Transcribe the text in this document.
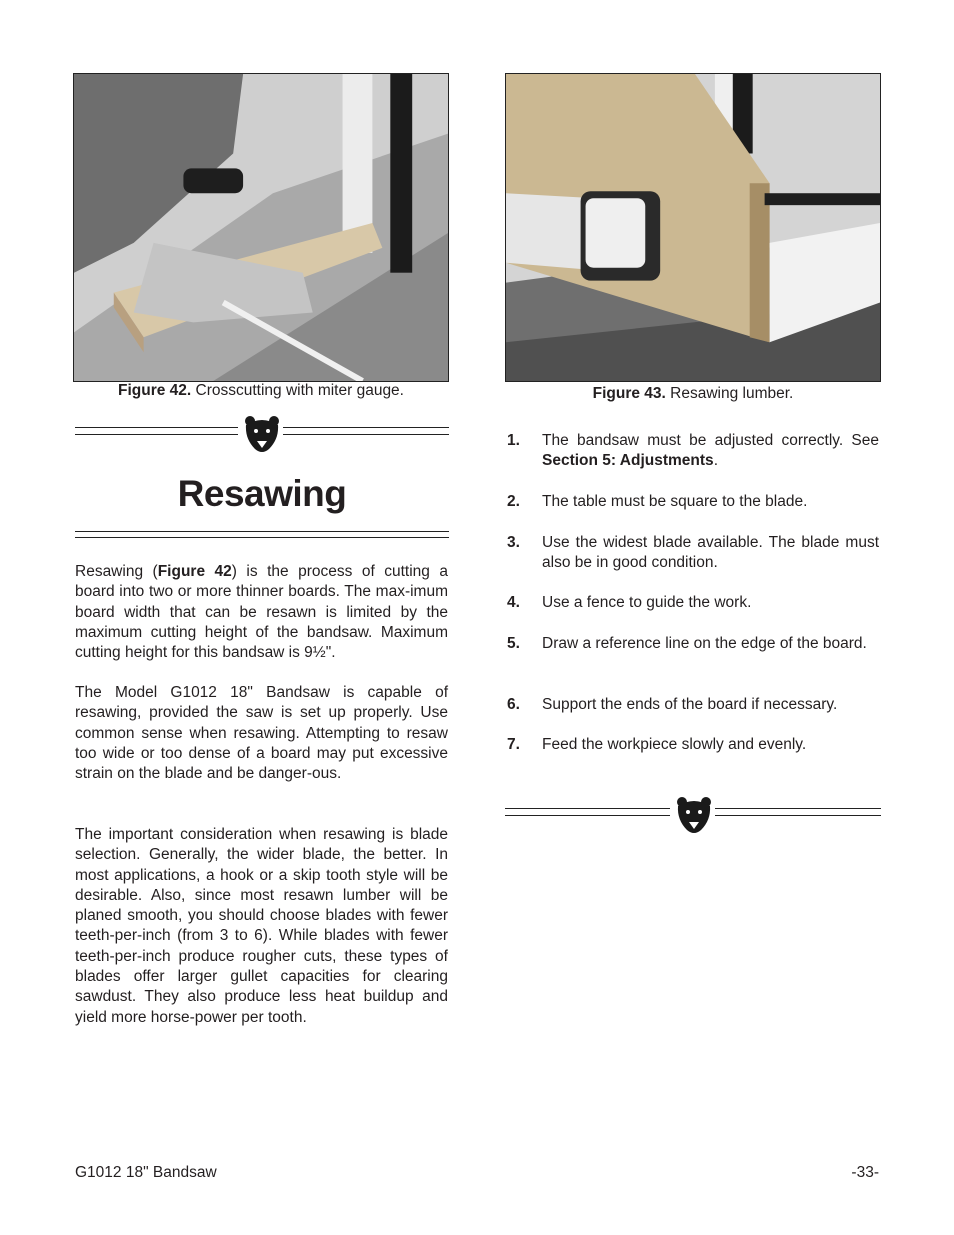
Figure 42. Crosscutting with miter gauge.	Figure 43. Resawing lumber.
Resawing
Resawing (Figure 42) is the process of cutting a board into two or more thinner boards. The max-imum board width that can be resawn is limited by the maximum cutting height of the bandsaw. Maximum cutting height for this bandsaw is 9½".
The Model G1012 18" Bandsaw is capable of resawing, provided the saw is set up properly. Use common sense when resawing. Attempting to resaw too wide or too dense of a board may put excessive strain on the blade and be danger-ous.
The important consideration when resawing is blade selection. Generally, the wider blade, the better. In most applications, a hook or a skip tooth style will be desirable. Also, since most resawn lumber will be planed smooth, you should choose blades with fewer teeth-per-inch (from 3 to 6). While blades with fewer teeth-per-inch produce rougher cuts, these types of blades offer larger gullet capacities for clearing sawdust. They also produce less heat buildup and yield more horse-power per tooth.
1. The bandsaw must be adjusted correctly. See Section 5: Adjustments.
2. The table must be square to the blade.
3. Use the widest blade available. The blade must also be in good condition.
4. Use a fence to guide the work.
5. Draw a reference line on the edge of the board.
6. Support the ends of the board if necessary.
7. Feed the workpiece slowly and evenly.
G1012 18" Bandsaw	-33-
